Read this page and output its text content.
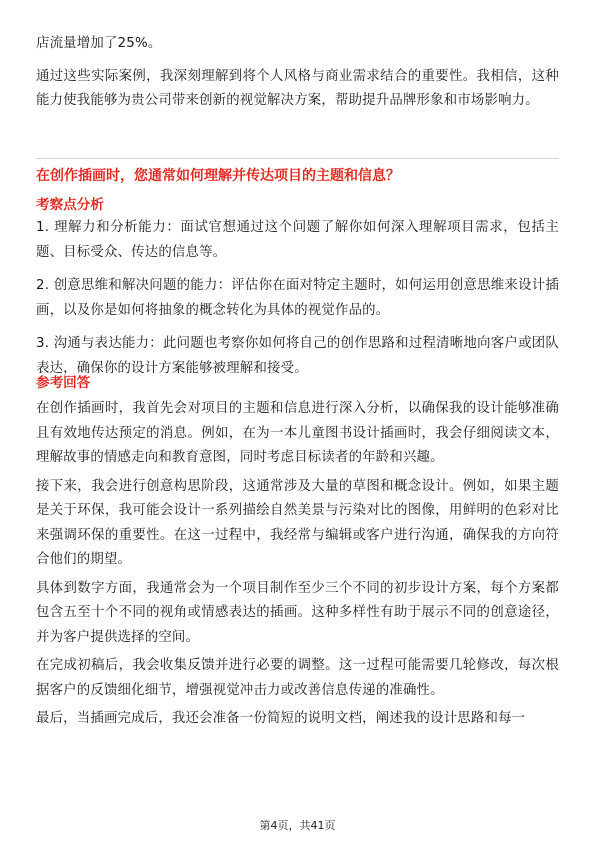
店流量增加了25%。

通过这些实际案例，我深刻理解到将个人风格与商业需求结合的重要性。我相信，这种能力使我能够为贵公司带来创新的视觉解决方案，帮助提升品牌形象和市场影响力。

在创作插画时，您通常如何理解并传达项目的主题和信息？
考察点分析

1. 理解力和分析能力：面试官想通过这个问题了解你如何深入理解项目需求，包括主题、目标受众、传达的信息等。

2. 创意思维和解决问题的能力：评估你在面对特定主题时，如何运用创意思维来设计插画，以及你是如何将抽象的概念转化为具体的视觉作品的。

3. 沟通与表达能力：此问题也考察你如何将自己的创作思路和过程清晰地向客户或团队表达，确保你的设计方案能够被理解和接受。

参考回答

在创作插画时，我首先会对项目的主题和信息进行深入分析，以确保我的设计能够准确且有效地传达预定的消息。例如，在为一本儿童图书设计插画时，我会仔细阅读文本，理解故事的情感走向和教育意图，同时考虑目标读者的年龄和兴趣。

接下来，我会进行创意构思阶段，这通常涉及大量的草图和概念设计。例如，如果主题是关于环保，我可能会设计一系列描绘自然美景与污染对比的图像，用鲜明的色彩对比来强调环保的重要性。在这一过程中，我经常与编辑或客户进行沟通，确保我的方向符合他们的期望。

具体到数字方面，我通常会为一个项目制作至少三个不同的初步设计方案，每个方案都包含五至十个不同的视角或情感表达的插画。这种多样性有助于展示不同的创意途径，并为客户提供选择的空间。

在完成初稿后，我会收集反馈并进行必要的调整。这一过程可能需要几轮修改，每次根据客户的反馈细化细节，增强视觉冲击力或改善信息传递的准确性。

最后，当插画完成后，我还会准备一份简短的说明文档，阐述我的设计思路和每一

第4页，共41页
